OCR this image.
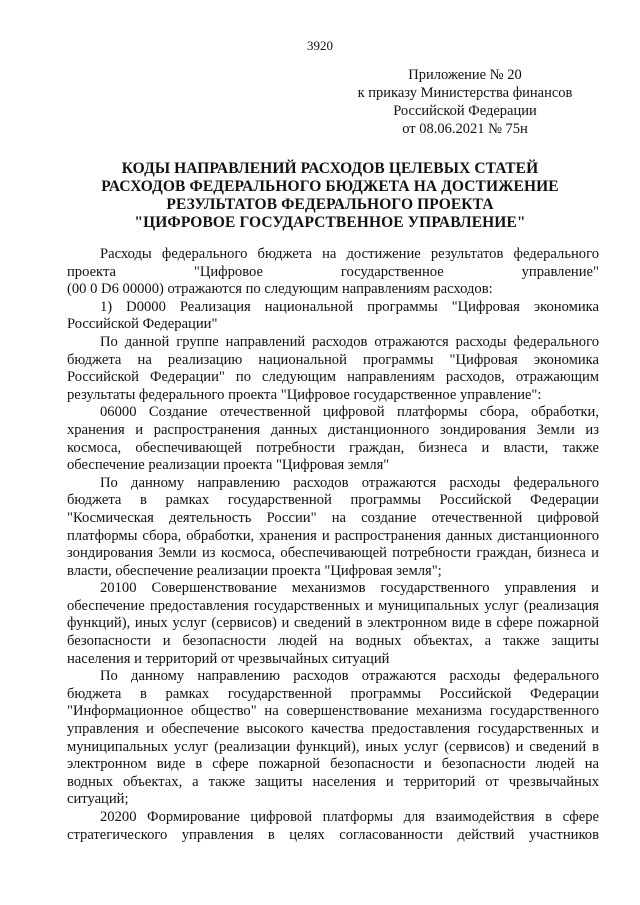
3920
Приложение № 20
к приказу Министерства финансов
Российской Федерации
от 08.06.2021 № 75н
КОДЫ НАПРАВЛЕНИЙ РАСХОДОВ ЦЕЛЕВЫХ СТАТЕЙ
РАСХОДОВ ФЕДЕРАЛЬНОГО БЮДЖЕТА НА ДОСТИЖЕНИЕ
РЕЗУЛЬТАТОВ ФЕДЕРАЛЬНОГО ПРОЕКТА
"ЦИФРОВОЕ ГОСУДАРСТВЕННОЕ УПРАВЛЕНИЕ"
Расходы федерального бюджета на достижение результатов федерального
проекта "Цифровое государственное управление"
(00 0 D6 00000) отражаются по следующим направлениям расходов:
1) D0000 Реализация национальной программы "Цифровая экономика
Российской Федерации"
По данной группе направлений расходов отражаются расходы федерального
бюджета на реализацию национальной программы "Цифровая экономика
Российской Федерации" по следующим направлениям расходов, отражающим
результаты федерального проекта "Цифровое государственное управление":
06000 Создание отечественной цифровой платформы сбора, обработки,
хранения и распространения данных дистанционного зондирования Земли из
космоса, обеспечивающей потребности граждан, бизнеса и власти, также
обеспечение реализации проекта "Цифровая земля"
По данному направлению расходов отражаются расходы федерального
бюджета в рамках государственной программы Российской Федерации
"Космическая деятельность России" на создание отечественной цифровой
платформы сбора, обработки, хранения и распространения данных дистанционного
зондирования Земли из космоса, обеспечивающей потребности граждан, бизнеса и
власти, обеспечение реализации проекта "Цифровая земля";
20100 Совершенствование механизмов государственного управления и
обеспечение предоставления государственных и муниципальных услуг (реализация
функций), иных услуг (сервисов) и сведений в электронном виде в сфере пожарной
безопасности и безопасности людей на водных объектах, а также защиты
населения и территорий от чрезвычайных ситуаций
По данному направлению расходов отражаются расходы федерального
бюджета в рамках государственной программы Российской Федерации
"Информационное общество" на совершенствование механизма государственного
управления и обеспечение высокого качества предоставления государственных и
муниципальных услуг (реализации функций), иных услуг (сервисов) и сведений в
электронном виде в сфере пожарной безопасности и безопасности людей на
водных объектах, а также защиты населения и территорий от чрезвычайных
ситуаций;
20200 Формирование цифровой платформы для взаимодействия в сфере
стратегического управления в целях согласованности действий участников
